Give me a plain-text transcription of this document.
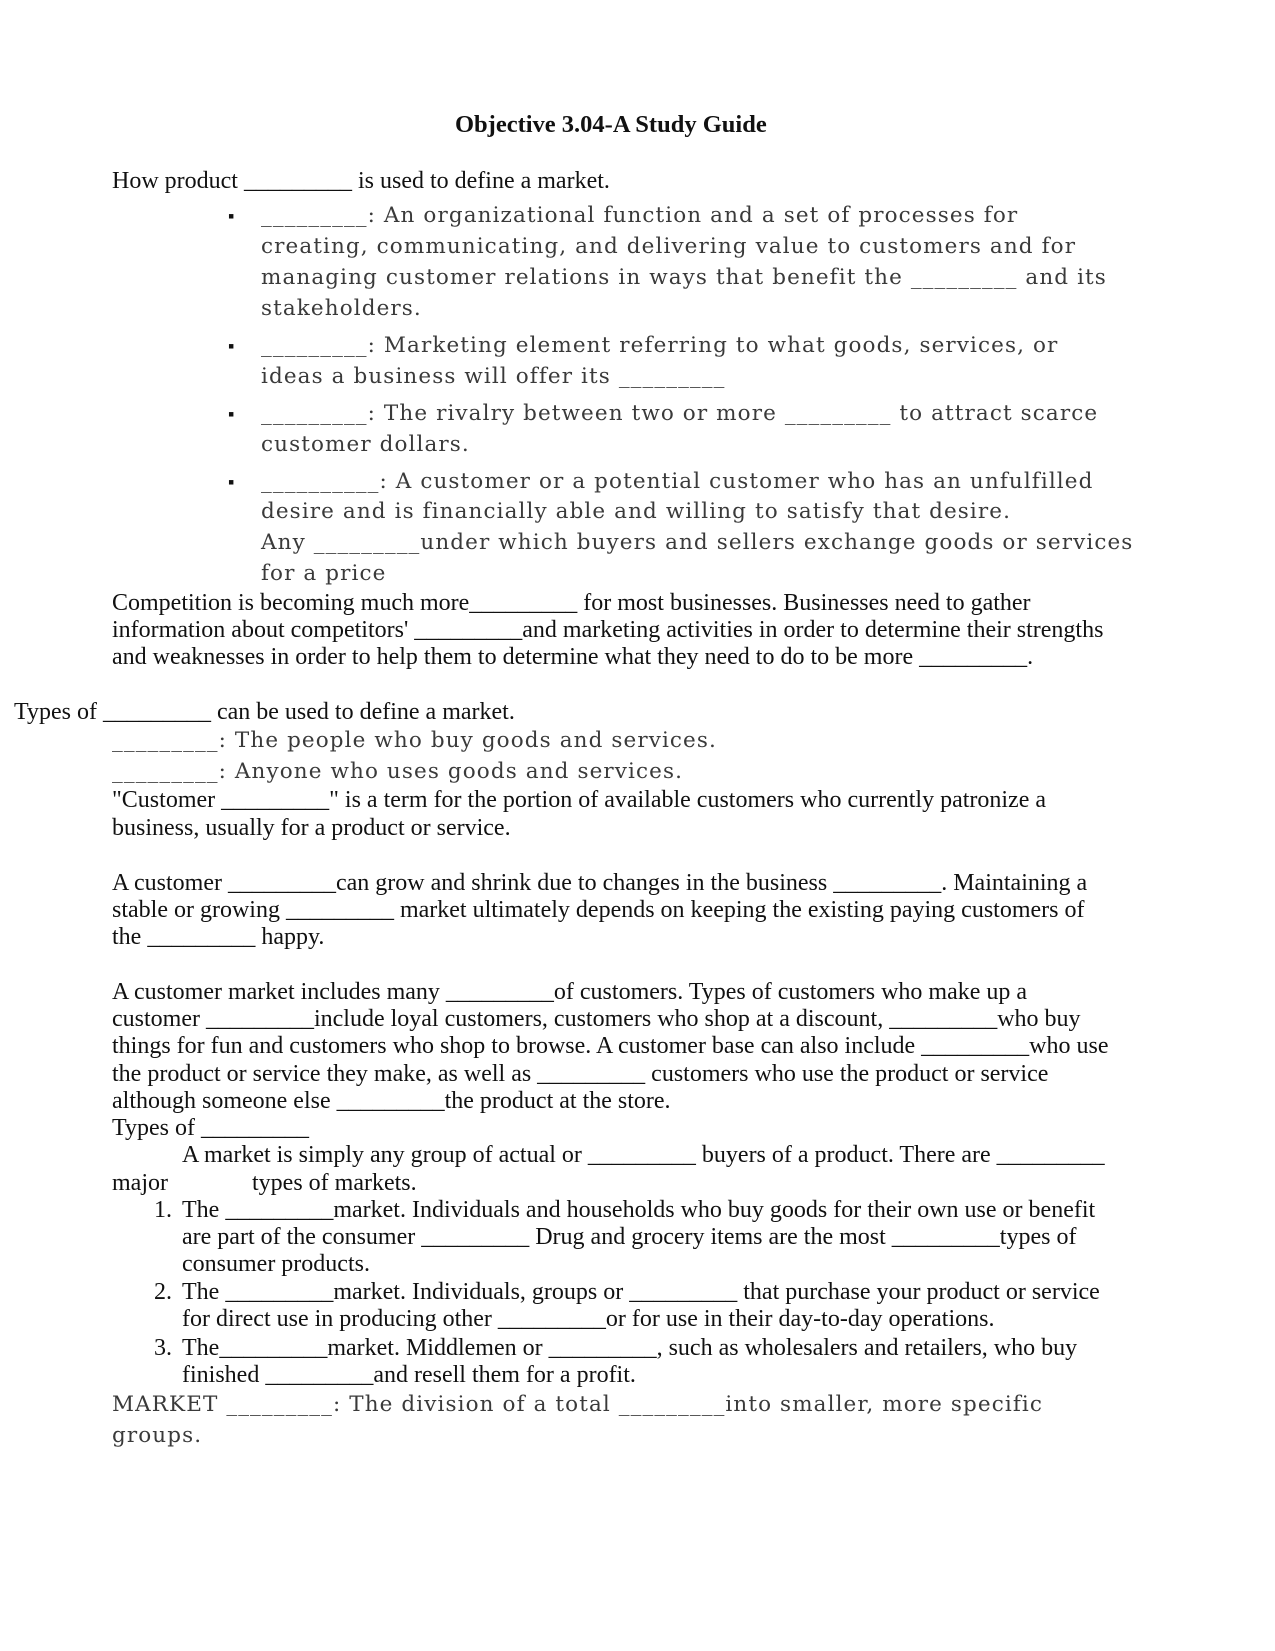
Objective 3.04-A Study Guide
How product _________ is used to define a market.
▪ _________: An organizational function and a set of processes for
creating, communicating, and delivering value to customers and for
managing customer relations in ways that benefit the _________ and its
stakeholders.
▪ _________: Marketing element referring to what goods, services, or
ideas a business will offer its _________
▪ _________: The rivalry between two or more _________ to attract scarce
customer dollars.
▪ __________: A customer or a potential customer who has an unfulfilled
desire and is financially able and willing to satisfy that desire.
Any _________under which buyers and sellers exchange goods or services
for a price
Competition is becoming much more_________ for most businesses. Businesses need to gather
information about competitors' _________and marketing activities in order to determine their strengths
and weaknesses in order to help them to determine what they need to do to be more _________.
Types of _________ can be used to define a market.
_________: The people who buy goods and services.
_________: Anyone who uses goods and services.
"Customer _________" is a term for the portion of available customers who currently patronize a
business, usually for a product or service.
A customer _________can grow and shrink due to changes in the business _________. Maintaining a
stable or growing _________ market ultimately depends on keeping the existing paying customers of
the _________ happy.
A customer market includes many _________of customers. Types of customers who make up a
customer _________include loyal customers, customers who shop at a discount, _________who buy
things for fun and customers who shop to browse. A customer base can also include _________who use
the product or service they make, as well as _________ customers who use the product or service
although someone else _________the product at the store.
Types of _________
A market is simply any group of actual or _________ buyers of a product. There are _________
major	types of markets.
1. The _________market. Individuals and households who buy goods for their own use or benefit
are part of the consumer _________ Drug and grocery items are the most _________types of
consumer products.
2. The _________market. Individuals, groups or _________ that purchase your product or service
for direct use in producing other _________or for use in their day-to-day operations.
3. The_________market. Middlemen or _________, such as wholesalers and retailers, who buy
finished _________and resell them for a profit.
MARKET _________: The division of a total _________into smaller, more specific
groups.
